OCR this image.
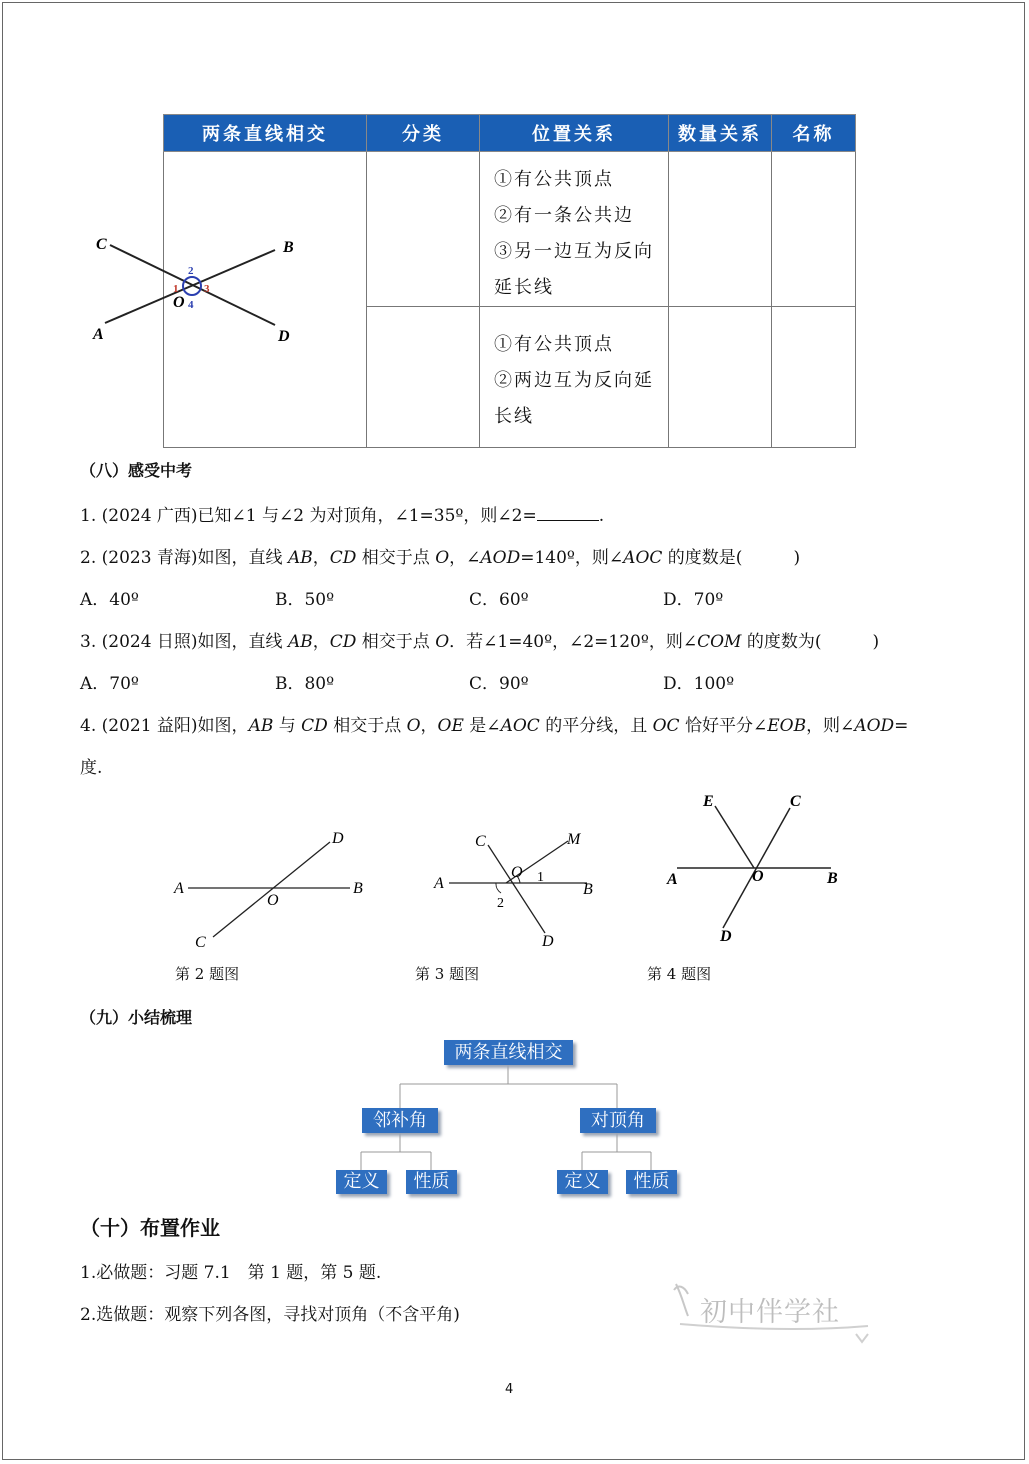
两条直线相交	分类	位置关系	数量关系	名称

		①有公共顶点
②有一条公共边
③另一边互为反向
延长线		

		①有公共顶点
②两边互为反向延
长线		

C	B
A	D
O
1
2
3
4
（八）感受中考
1. (2024 广西)已知∠1 与∠2 为对顶角，∠1=35º，则∠2=	.
2. (2023 青海)如图，直线 AB，CD 相交于点 O，∠AOD=140º，则∠AOC 的度数是(　　　)
A．40º	B．50º	C．60º	D．70º
3. (2024 日照)如图，直线 AB，CD 相交于点 O．若∠1=40º，∠2=120º，则∠COM 的度数为(　　　)
A．70º	B．80º	C．90º	D．100º
4. (2021 益阳)如图，AB 与 CD 相交于点 O，OE 是∠AOC 的平分线，且 OC 恰好平分∠EOB，则∠AOD=
度.
A	B
C
D
O
A	B
C
D
O
M
1
2
A	B
C
D
O
E
第 2 题图	第 3 题图	第 4 题图
（九）小结梳理
两条直线相交
邻补角	对顶角
定义	性质	定义	性质
（十）布置作业
1.必做题：习题 7.1　第 1 题，第 5 题.
2.选做题：观察下列各图，寻找对顶角（不含平角)	初中伴学社
4
